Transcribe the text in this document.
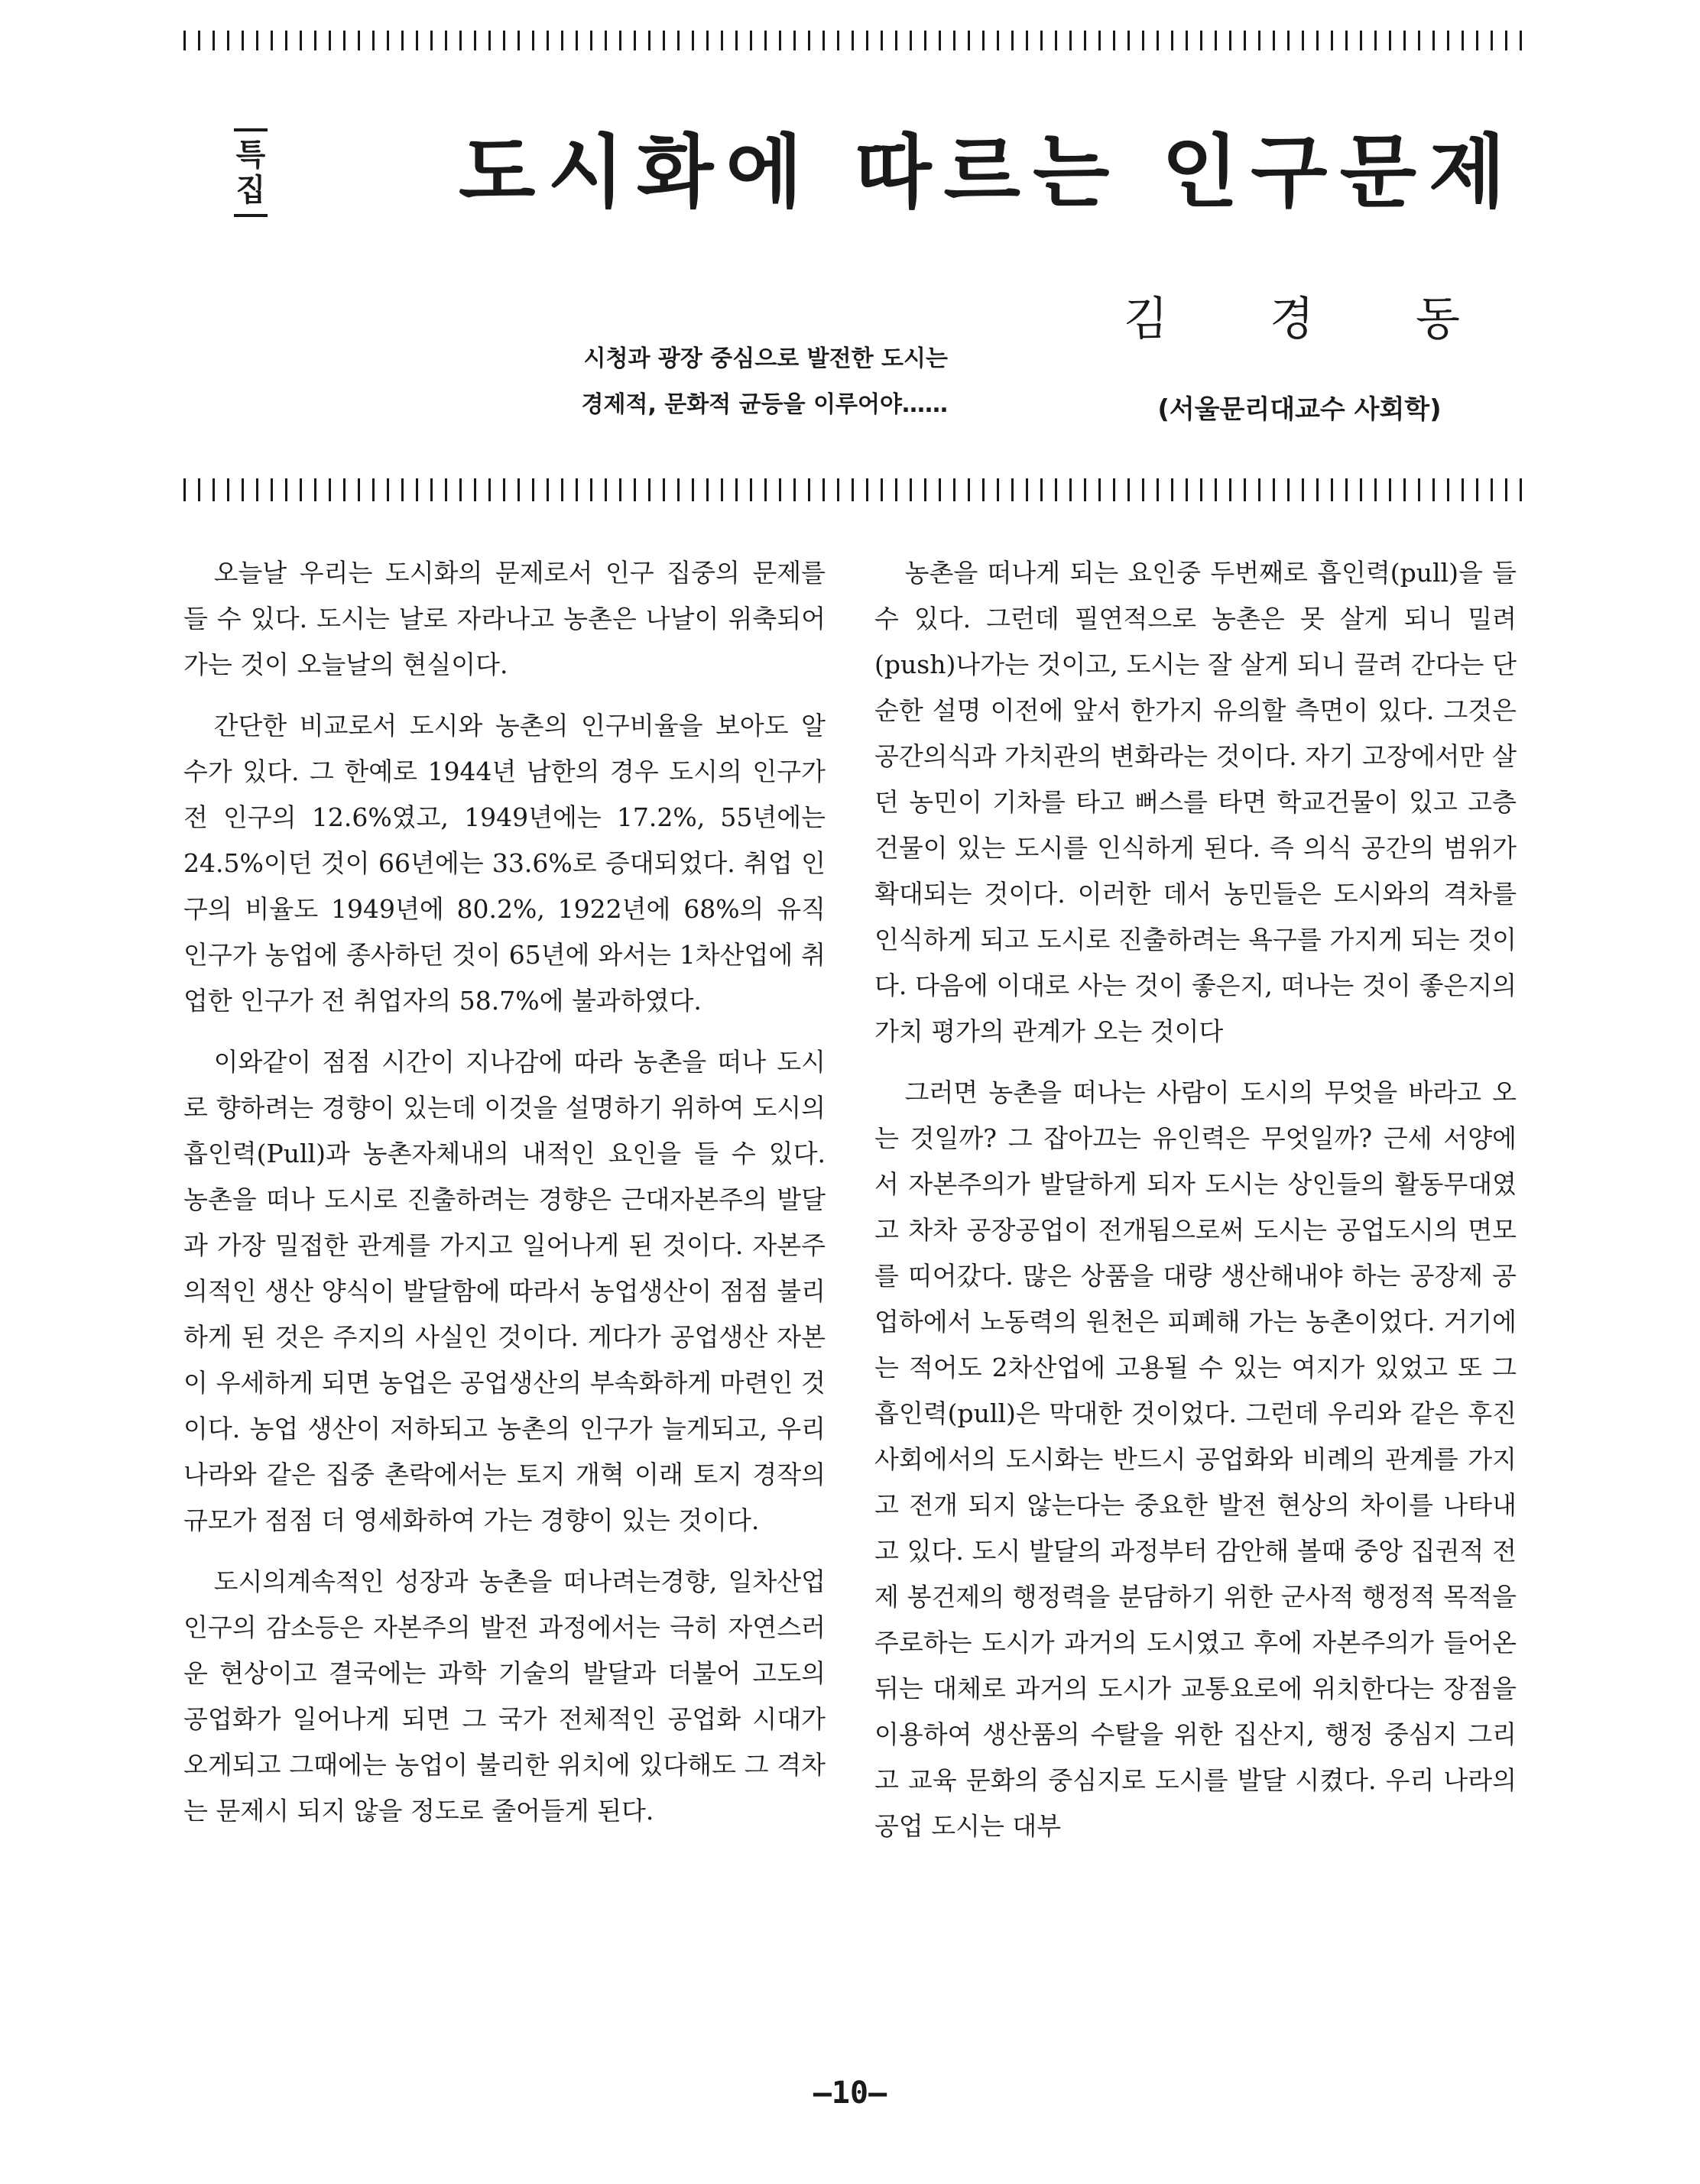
특집 도시화에 따르는 인구문제
김 경 동
시청과 광장 중심으로 발전한 도시는
경제적, 문화적 균등을 이루어야……	(서울문리대교수 사회학)

오늘날 우리는 도시화의 문제로서 인구 집중의 문제를 들 수 있다. 도시는 날로 자라나고 농촌은 나날이 위축되어 가는 것이 오늘날의 현실이다.

간단한 비교로서 도시와 농촌의 인구비율을 보아도 알 수가 있다. 그 한예로 1944년 남한의 경우 도시의 인구가 전 인구의 12.6%였고, 1949년에는 17.2%, 55년에는 24.5%이던 것이 66년에는 33.6%로 증대되었다. 취업 인구의 비율도 1949년에 80.2%, 1922년에 68%의 유직 인구가 농업에 종사하던 것이 65년에 와서는 1차산업에 취업한 인구가 전 취업자의 58.7%에 불과하였다.

이와같이 점점 시간이 지나감에 따라 농촌을 떠나 도시로 향하려는 경향이 있는데 이것을 설명하기 위하여 도시의 흡인력(Pull)과 농촌자체내의 내적인 요인을 들 수 있다. 농촌을 떠나 도시로 진출하려는 경향은 근대자본주의 발달과 가장 밀접한 관계를 가지고 일어나게 된 것이다. 자본주의적인 생산 양식이 발달함에 따라서 농업생산이 점점 불리하게 된 것은 주지의 사실인 것이다. 게다가 공업생산 자본이 우세하게 되면 농업은 공업생산의 부속화하게 마련인 것이다. 농업 생산이 저하되고 농촌의 인구가 늘게되고, 우리나라와 같은 집중 촌락에서는 토지 개혁 이래 토지 경작의 규모가 점점 더 영세화하여 가는 경향이 있는 것이다.

도시의계속적인 성장과 농촌을 떠나려는경향, 일차산업 인구의 감소등은 자본주의 발전 과정에서는 극히 자연스러운 현상이고 결국에는 과학 기술의 발달과 더불어 고도의 공업화가 일어나게 되면 그 국가 전체적인 공업화 시대가 오게되고 그때에는 농업이 불리한 위치에 있다해도 그 격차는 문제시 되지 않을 정도로 줄어들게 된다.

농촌을 떠나게 되는 요인중 두번째로 흡인력(pull)을 들 수 있다. 그런데 필연적으로 농촌은 못 살게 되니 밀려(push)나가는 것이고, 도시는 잘 살게 되니 끌려 간다는 단순한 설명 이전에 앞서 한가지 유의할 측면이 있다. 그것은 공간의식과 가치관의 변화라는 것이다. 자기 고장에서만 살던 농민이 기차를 타고 뻐스를 타면 학교건물이 있고 고층 건물이 있는 도시를 인식하게 된다. 즉 의식 공간의 범위가 확대되는 것이다. 이러한 데서 농민들은 도시와의 격차를 인식하게 되고 도시로 진출하려는 욕구를 가지게 되는 것이다. 다음에 이대로 사는 것이 좋은지, 떠나는 것이 좋은지의 가치 평가의 관계가 오는 것이다

그러면 농촌을 떠나는 사람이 도시의 무엇을 바라고 오는 것일까? 그 잡아끄는 유인력은 무엇일까? 근세 서양에서 자본주의가 발달하게 되자 도시는 상인들의 활동무대였고 차차 공장공업이 전개됨으로써 도시는 공업도시의 면모를 띠어갔다. 많은 상품을 대량 생산해내야 하는 공장제 공업하에서 노동력의 원천은 피폐해 가는 농촌이었다. 거기에는 적어도 2차산업에 고용될 수 있는 여지가 있었고 또 그 흡인력(pull)은 막대한 것이었다. 그런데 우리와 같은 후진 사회에서의 도시화는 반드시 공업화와 비례의 관계를 가지고 전개 되지 않는다는 중요한 발전 현상의 차이를 나타내고 있다. 도시 발달의 과정부터 감안해 볼때 중앙 집권적 전제 봉건제의 행정력을 분담하기 위한 군사적 행정적 목적을 주로하는 도시가 과거의 도시였고 후에 자본주의가 들어온 뒤는 대체로 과거의 도시가 교통요로에 위치한다는 장점을 이용하여 생산품의 수탈을 위한 집산지, 행정 중심지 그리고 교육 문화의 중심지로 도시를 발달 시켰다. 우리 나라의 공업 도시는 대부

—10—
